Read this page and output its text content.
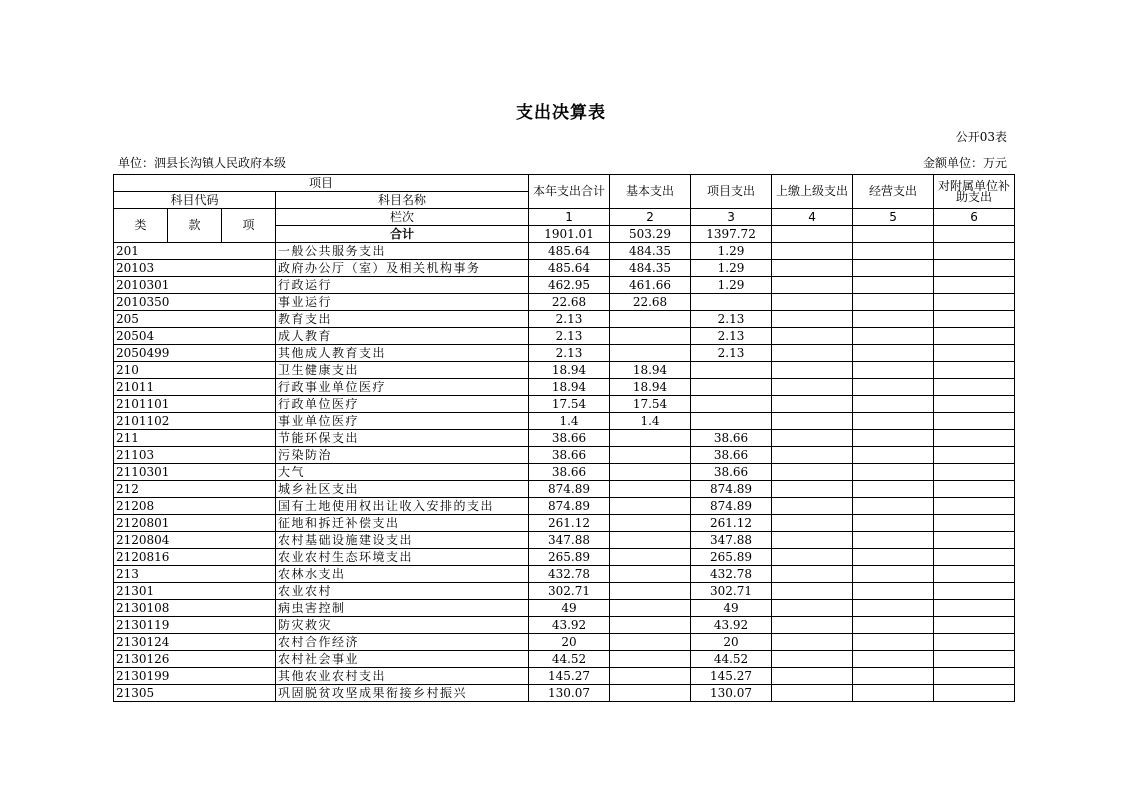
支出决算表
公开03表
单位：泗县长沟镇人民政府本级	金额单位：万元
项目				本年支出合计	基本支出	项目支出	上缴上级支出	经营支出	对附属单位补助支出
科目代码			科目名称						
类	款	项	栏次	1	2	3	4	5	6
			合计	1901.01	503.29	1397.72			
201			一般公共服务支出	485.64	484.35	1.29			
20103			政府办公厅（室）及相关机构事务	485.64	484.35	1.29			
2010301			行政运行	462.95	461.66	1.29			
2010350			事业运行	22.68	22.68				
205			教育支出	2.13		2.13			
20504			成人教育	2.13		2.13			
2050499			其他成人教育支出	2.13		2.13			
210			卫生健康支出	18.94	18.94				
21011			行政事业单位医疗	18.94	18.94				
2101101			行政单位医疗	17.54	17.54				
2101102			事业单位医疗	1.4	1.4				
211			节能环保支出	38.66		38.66			
21103			污染防治	38.66		38.66			
2110301			大气	38.66		38.66			
212			城乡社区支出	874.89		874.89			
21208			国有土地使用权出让收入安排的支出	874.89		874.89			
2120801			征地和拆迁补偿支出	261.12		261.12			
2120804			农村基础设施建设支出	347.88		347.88			
2120816			农业农村生态环境支出	265.89		265.89			
213			农林水支出	432.78		432.78			
21301			农业农村	302.71		302.71			
2130108			病虫害控制	49		49			
2130119			防灾救灾	43.92		43.92			
2130124			农村合作经济	20		20			
2130126			农村社会事业	44.52		44.52			
2130199			其他农业农村支出	145.27		145.27			
21305			巩固脱贫攻坚成果衔接乡村振兴	130.07		130.07			
